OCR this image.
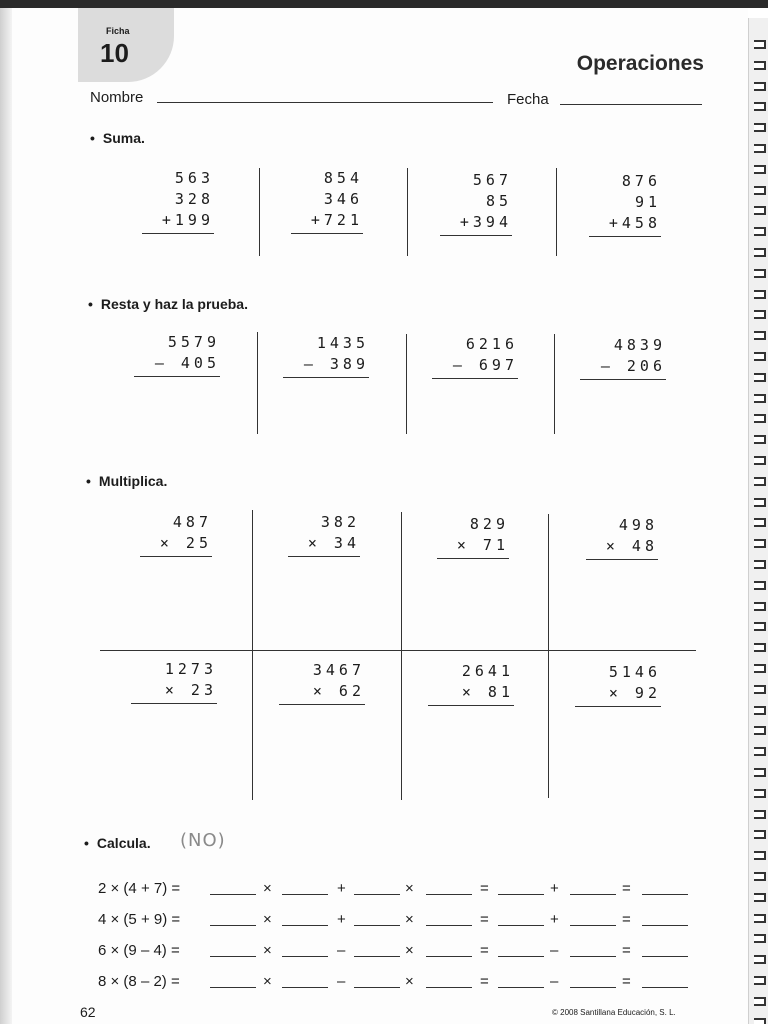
Ficha
10	Operaciones
Nombre	Fecha
• Suma.
563
328
+199
854
346
+721
567
85
+394
876
91
+458
• Resta y haz la prueba.
5579
– 405
1435
– 389
6216
– 697
4839
– 206
• Multiplica.
487
× 25
382
× 34
829
× 71
498
× 48
1273
× 23
3467
× 62
2641
× 81
5146
× 92
• Calcula. (NO)
2 × (4 + 7) =	×	+	×	=	+	=
4 × (5 + 9) =	×	+	×	=	+	=
6 × (9 – 4) =	×	–	×	=	–	=
8 × (8 – 2) =	×	–	×	=	–	=
62	© 2008 Santillana Educación, S. L.
